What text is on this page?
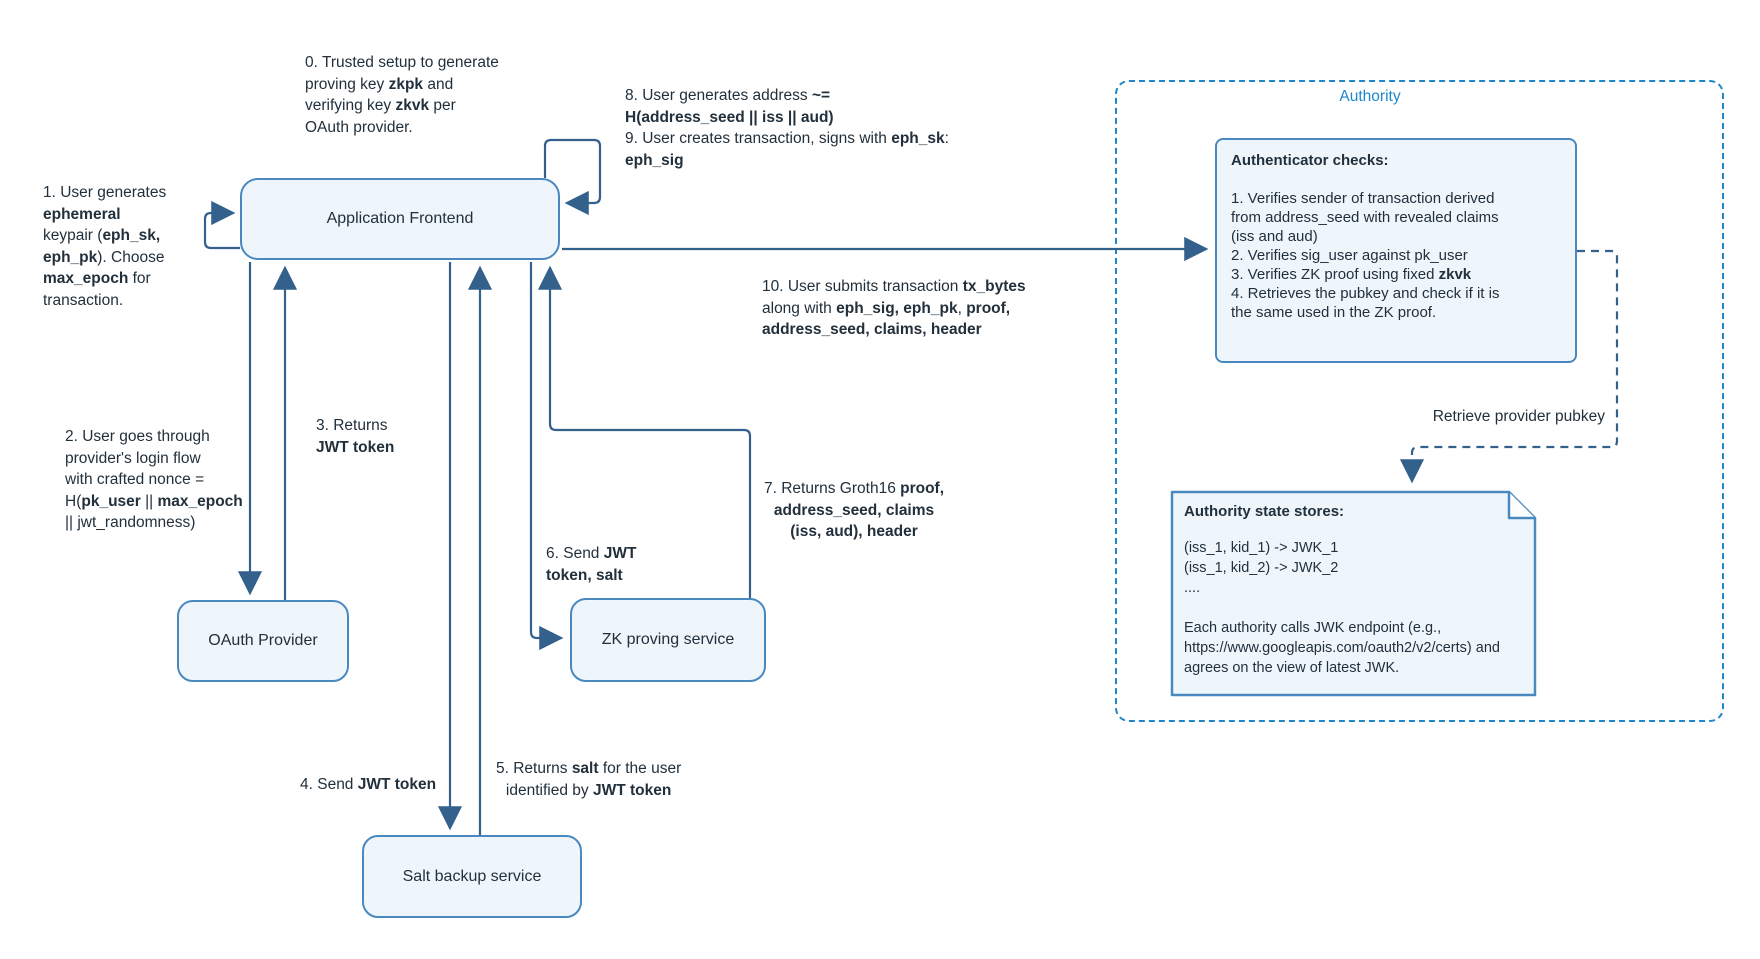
Authority
Application Frontend
OAuth Provider	ZK proving service
Salt backup service
Authenticator checks:
1. Verifies sender of transaction derived
from address_seed with revealed claims
(iss and aud)
2. Verifies sig_user against pk_user
3. Verifies ZK proof using fixed zkvk
4. Retrieves the pubkey and check if it is
the same used in the ZK proof.
Authority state stores:
(iss_1, kid_1) -> JWK_1
(iss_1, kid_2) -> JWK_2
....

Each authority calls JWK endpoint (e.g.,
https://www.googleapis.com/oauth2/v2/certs) and
agrees on the view of latest JWK.
0. Trusted setup to generate
proving key zkpk and
verifying key zkvk per
OAuth provider.
1. User generates
ephemeral
keypair (eph_sk,
eph_pk). Choose
max_epoch for
transaction.
8. User generates address ~=
H(address_seed || iss || aud)
9. User creates transaction, signs with eph_sk:
eph_sig
10. User submits transaction tx_bytes
along with eph_sig, eph_pk, proof,
address_seed, claims, header
2. User goes through
provider's login flow
with crafted nonce =
H(pk_user || max_epoch
|| jwt_randomness)
3. Returns
JWT token
4. Send JWT token
5. Returns salt for the user
identified by JWT token
6. Send JWT
token, salt
7. Returns Groth16 proof,
address_seed, claims
(iss, aud), header
Retrieve provider pubkey
